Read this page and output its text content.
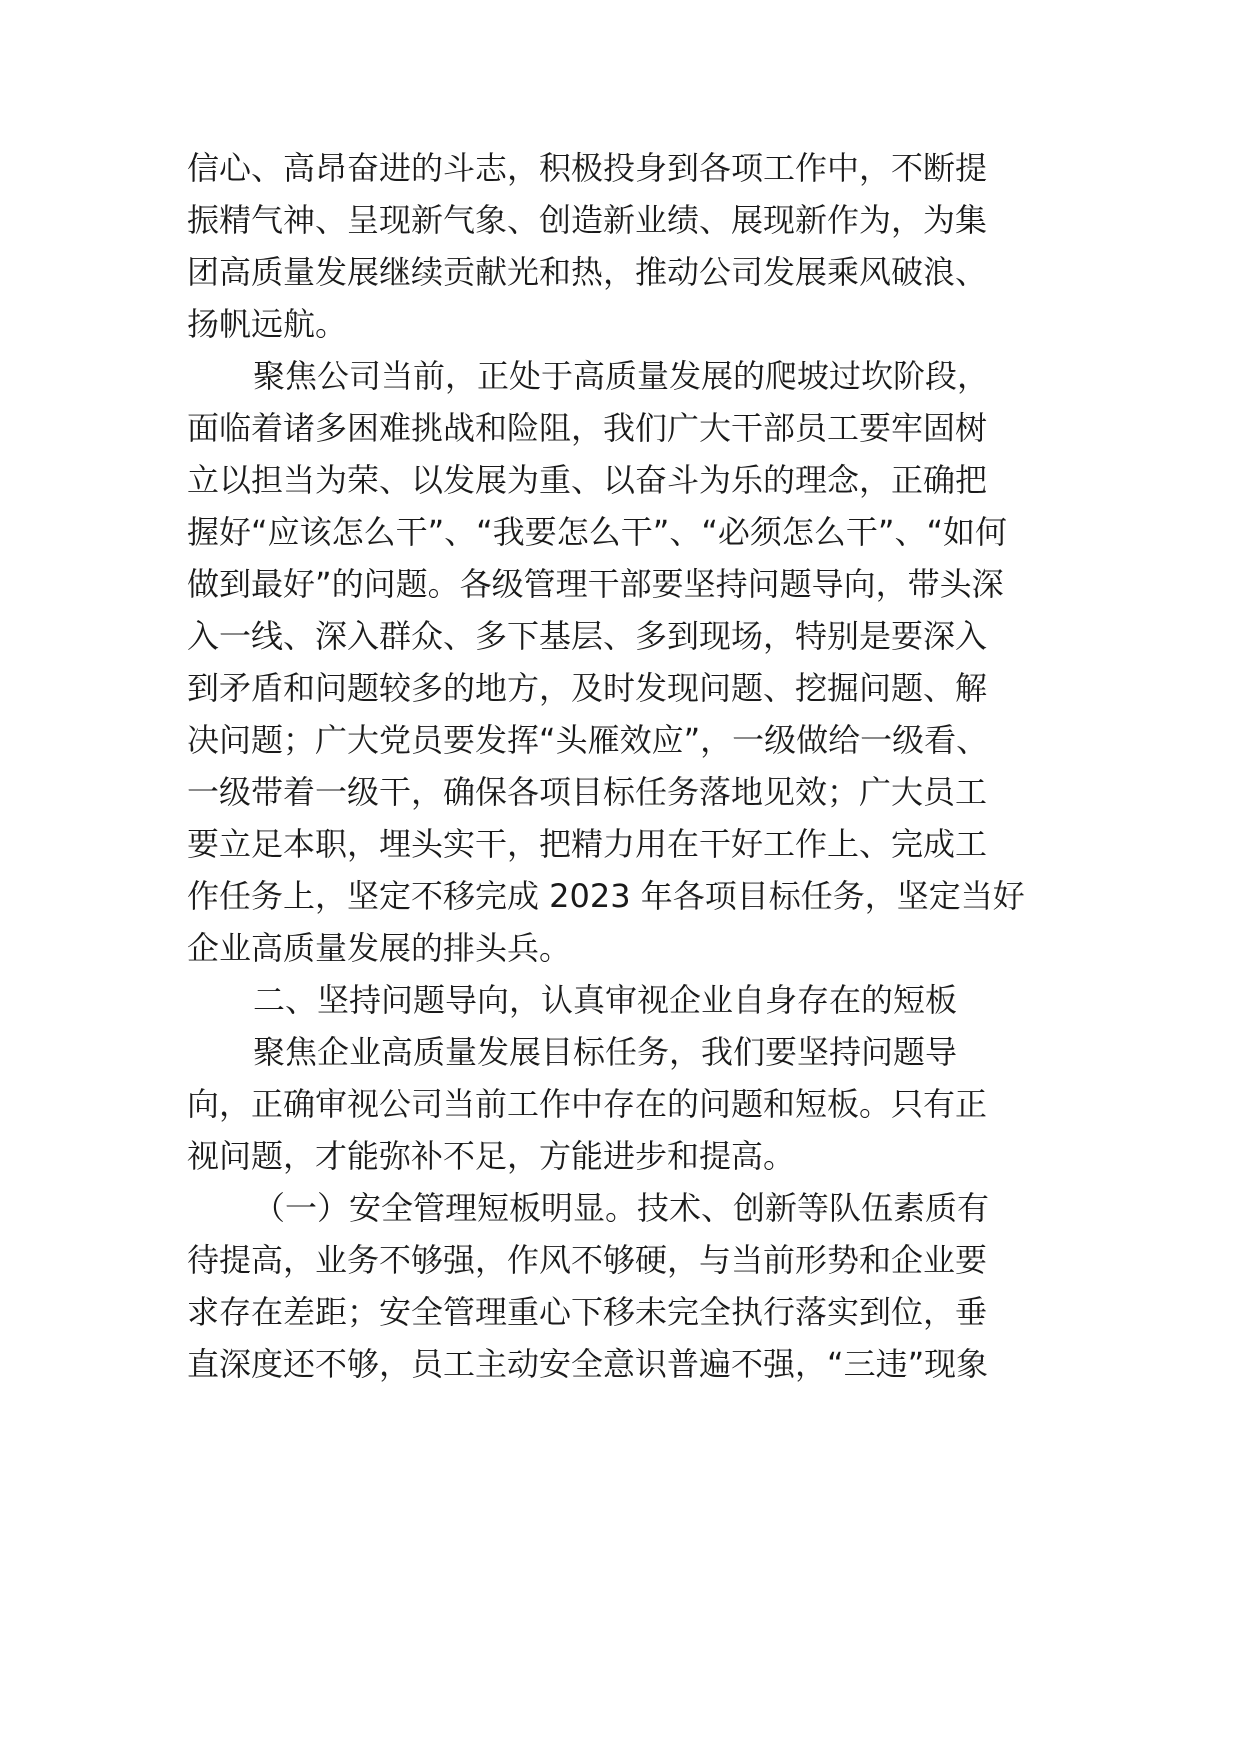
信心、高昂奋进的斗志，积极投身到各项工作中，不断提
振精气神、呈现新气象、创造新业绩、展现新作为，为集
团高质量发展继续贡献光和热，推动公司发展乘风破浪、
扬帆远航。
聚焦公司当前，正处于高质量发展的爬坡过坎阶段，
面临着诸多困难挑战和险阻，我们广大干部员工要牢固树
立以担当为荣、以发展为重、以奋斗为乐的理念，正确把
握好“应该怎么干”、“我要怎么干”、“必须怎么干”、“如何
做到最好”的问题。各级管理干部要坚持问题导向，带头深
入一线、深入群众、多下基层、多到现场，特别是要深入
到矛盾和问题较多的地方，及时发现问题、挖掘问题、解
决问题；广大党员要发挥“头雁效应”，一级做给一级看、
一级带着一级干，确保各项目标任务落地见效；广大员工
要立足本职，埋头实干，把精力用在干好工作上、完成工
作任务上，坚定不移完成 2023 年各项目标任务，坚定当好
企业高质量发展的排头兵。
二、坚持问题导向，认真审视企业自身存在的短板
聚焦企业高质量发展目标任务，我们要坚持问题导
向，正确审视公司当前工作中存在的问题和短板。只有正
视问题，才能弥补不足，方能进步和提高。
（一）安全管理短板明显。技术、创新等队伍素质有
待提高，业务不够强，作风不够硬，与当前形势和企业要
求存在差距；安全管理重心下移未完全执行落实到位，垂
直深度还不够，员工主动安全意识普遍不强，“三违”现象
